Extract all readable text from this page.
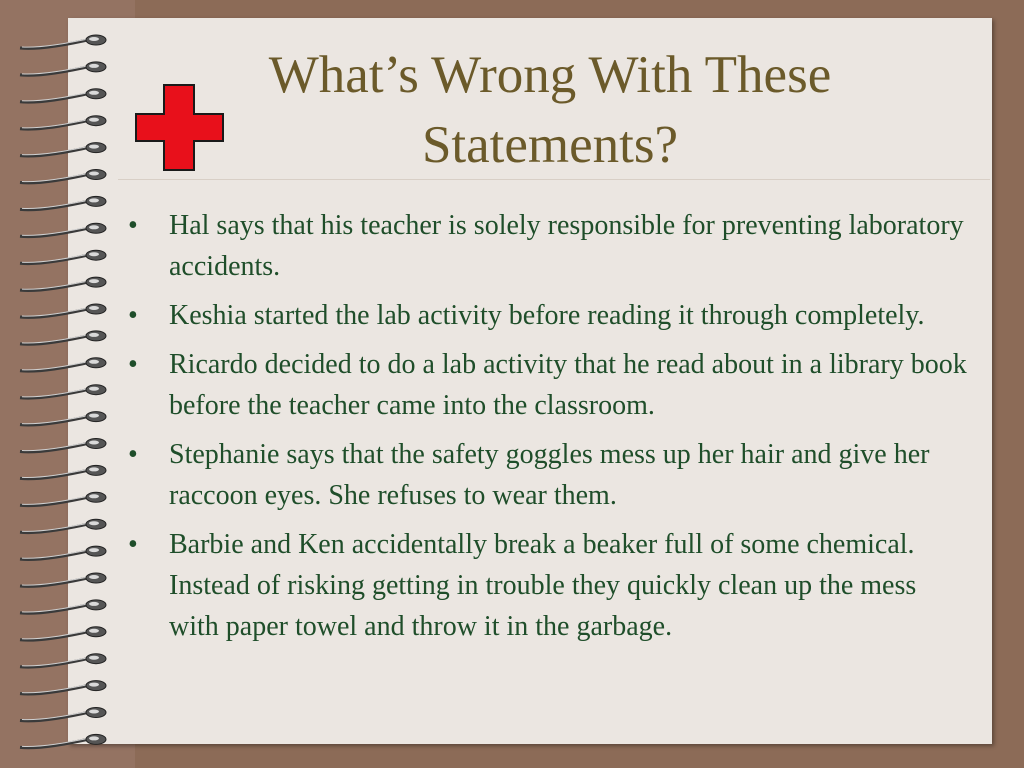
What’s Wrong With These Statements?
• Hal says that his teacher is solely responsible for preventing laboratory accidents.
• Keshia started the lab activity before reading it through completely.
• Ricardo decided to do a lab activity that he read about in a library book before the teacher came into the classroom.
• Stephanie says that the safety goggles mess up her hair and give her raccoon eyes. She refuses to wear them.
• Barbie and Ken accidentally break a beaker full of some chemical. Instead of risking getting in trouble they quickly clean up the mess with paper towel and throw it in the garbage.
